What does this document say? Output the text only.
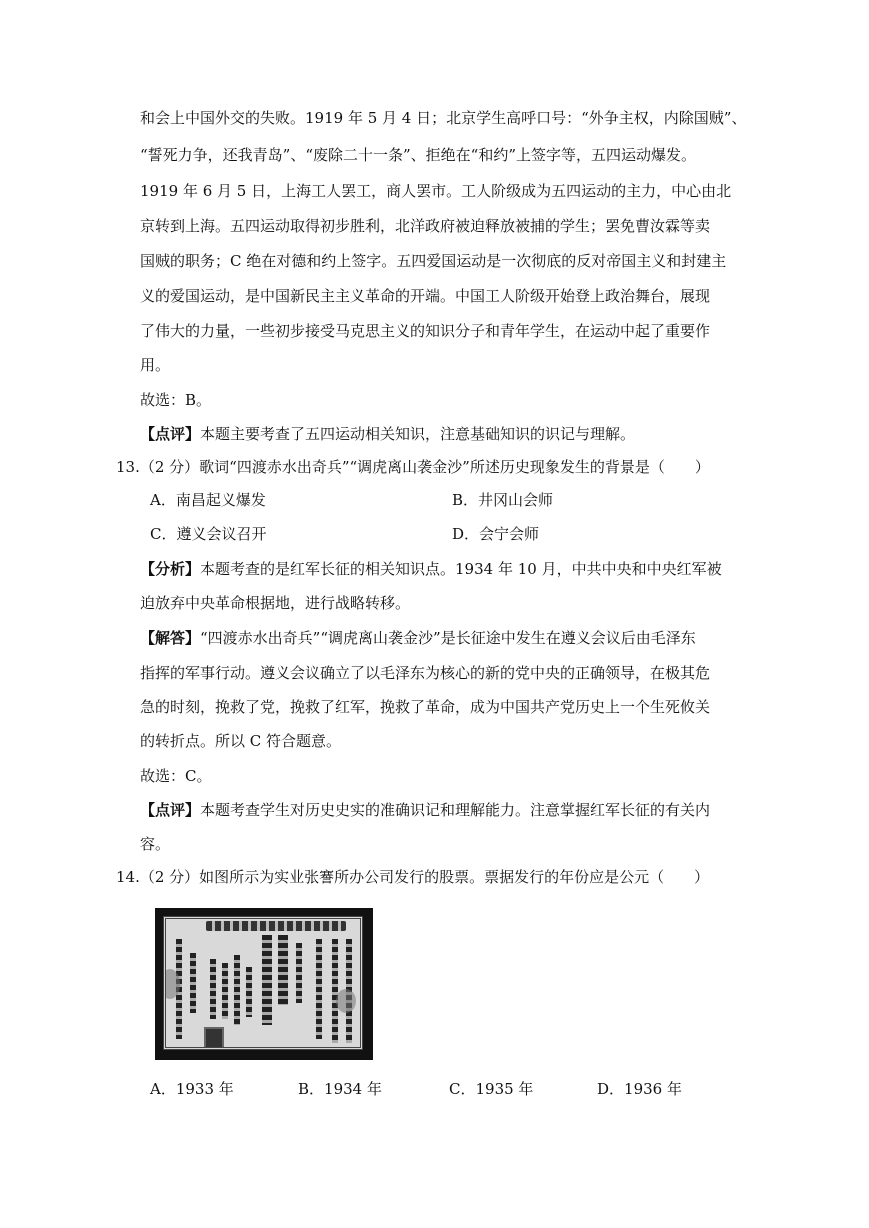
和会上中国外交的失败。1919 年 5 月 4 日；北京学生高呼口号：“外争主权，内除国贼”、
“誓死力争，还我青岛”、“废除二十一条”、拒绝在“和约”上签字等，五四运动爆发。
1919 年 6 月 5 日，上海工人罢工，商人罢市。工人阶级成为五四运动的主力，中心由北
京转到上海。五四运动取得初步胜利，北洋政府被迫释放被捕的学生；罢免曹汝霖等卖
国贼的职务；C 绝在对德和约上签字。五四爱国运动是一次彻底的反对帝国主义和封建主
义的爱国运动，是中国新民主主义革命的开端。中国工人阶级开始登上政治舞台，展现
了伟大的力量，一些初步接受马克思主义的知识分子和青年学生，在运动中起了重要作
用。
故选：B。
【点评】本题主要考查了五四运动相关知识，注意基础知识的识记与理解。
13.（2 分）歌词“四渡赤水出奇兵”“调虎离山袭金沙”所述历史现象发生的背景是（　　）
A．南昌起义爆发	B．井冈山会师
C．遵义会议召开	D．会宁会师
【分析】本题考查的是红军长征的相关知识点。1934 年 10 月，中共中央和中央红军被
迫放弃中央革命根据地，进行战略转移。
【解答】“四渡赤水出奇兵”“调虎离山袭金沙”是长征途中发生在遵义会议后由毛泽东
指挥的军事行动。遵义会议确立了以毛泽东为核心的新的党中央的正确领导，在极其危
急的时刻，挽救了党，挽救了红军，挽救了革命，成为中国共产党历史上一个生死攸关
的转折点。所以 C 符合题意。
故选：C。
【点评】本题考查学生对历史史实的准确识记和理解能力。注意掌握红军长征的有关内
容。
14.（2 分）如图所示为实业张謇所办公司发行的股票。票据发行的年份应是公元（　　）
A．1933 年	B．1934 年	C．1935 年	D．1936 年
